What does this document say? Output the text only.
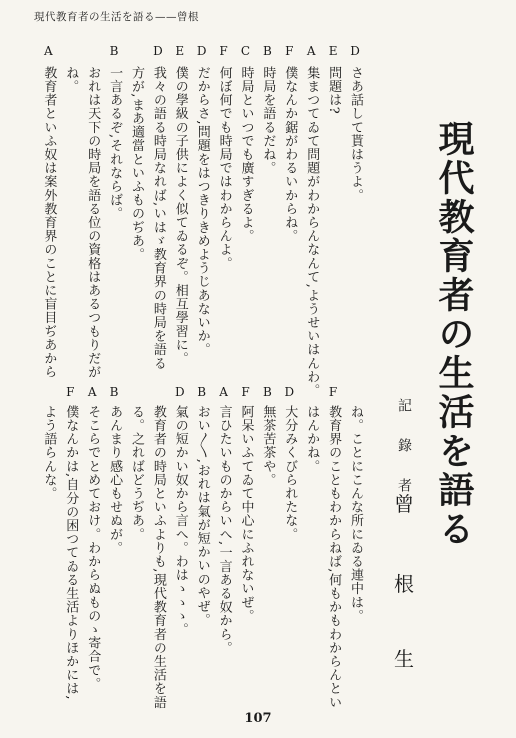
現代教育者の生活を語る——曾根
D
さあ話して貰はうよ。
E
問題は?
A
集まつてゐて問題がわからんなんて,ようせいはんわ。
F
僕なんか鋸がわるいからね。
B
時局を語るだね。
C
時局といつでも廣すぎるよ。
F
何ぼ何でも時局ではわからんよ。
D
だからさ,問題をはつきりきめようじあないか。
E
僕の學級の子供によく似てゐるぞ。相互學習に。
D
我々の語る時局なれば,いはゞ教育界の時局を語る
方が,まあ適當といふものぢあ。
B
一言あるぞ,それならば。
おれは天下の時局を語る位の資格はあるつもりだが
ね。
A
教育者といふ奴は案外教育界のことに盲目ぢあから
ね。ことにこんな所にゐる連中は。
F
教育界のこともわからねば,何もかもわからんとい
はんかね。
D
大分みくびられたな。
B
無茶苦茶や。
F
阿呆いふてゐて中心にふれないぜ。
A
言ひたいものからいへ,一言ある奴から。
B
おい〳〵,おれは氣が短かいのやぜ。
D
氣の短かい奴から言へ。わはゝゝゝ。
教育者の時局といふよりも,現代教育者の生活を語
る。之ればどうぢあ。
B
あんまり感心もせぬが。
A
そこらでとめておけ。わからぬものゝ寄合で。
F
僕なんかは,自分の困つてゐる生活よりほかには,
よう語らんな。	現代教育者の生活を語る
記　錄　者
曾
根
生
107
